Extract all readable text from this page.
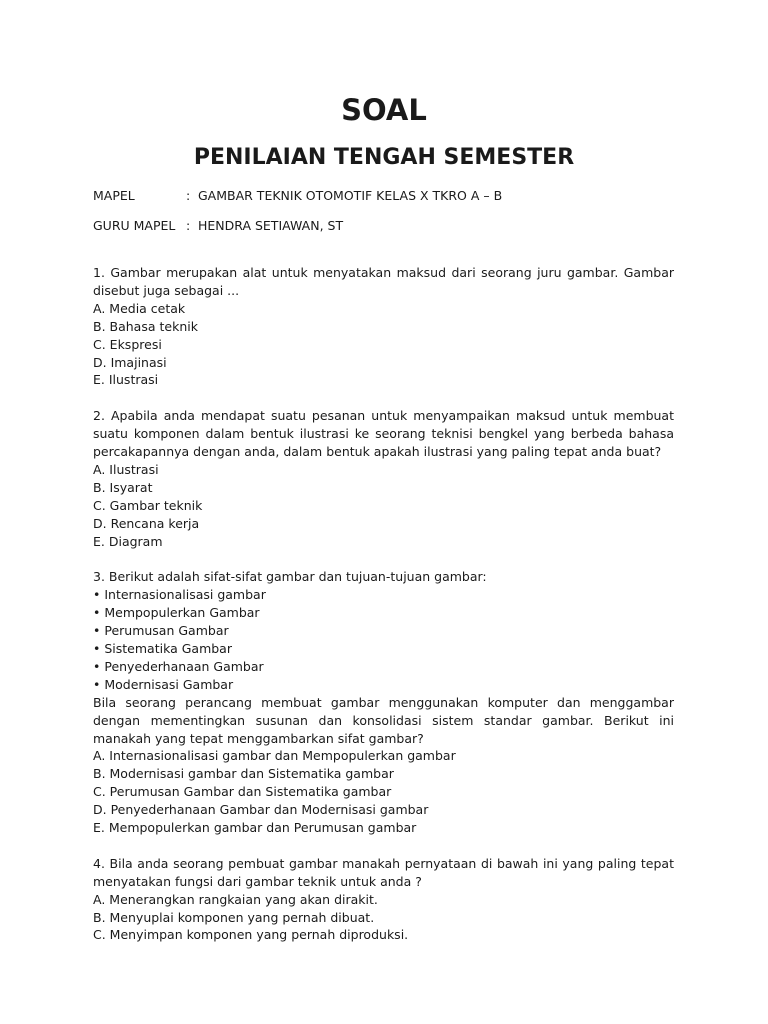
SOAL
PENILAIAN TENGAH SEMESTER
MAPEL	: GAMBAR TEKNIK OTOMOTIF KELAS X TKRO A – B
GURU MAPEL : HENDRA SETIAWAN, ST
1. Gambar merupakan alat untuk menyatakan maksud dari seorang juru gambar. Gambar disebut juga sebagai ...
A. Media cetak
B. Bahasa teknik
C. Ekspresi
D. Imajinasi
E. Ilustrasi
2. Apabila anda mendapat suatu pesanan untuk menyampaikan maksud untuk membuat suatu komponen dalam bentuk ilustrasi ke seorang teknisi bengkel yang berbeda bahasa percakapannya dengan anda, dalam bentuk apakah ilustrasi yang paling tepat anda buat?
A. Ilustrasi
B. Isyarat
C. Gambar teknik
D. Rencana kerja
E. Diagram
3. Berikut adalah sifat-sifat gambar dan tujuan-tujuan gambar:
• Internasionalisasi gambar
• Mempopulerkan Gambar
• Perumusan Gambar
• Sistematika Gambar
• Penyederhanaan Gambar
• Modernisasi Gambar
Bila seorang perancang membuat gambar menggunakan komputer dan menggambar dengan mementingkan susunan dan konsolidasi sistem standar gambar. Berikut ini manakah yang tepat menggambarkan sifat gambar?
A. Internasionalisasi gambar dan Mempopulerkan gambar
B. Modernisasi gambar dan Sistematika gambar
C. Perumusan Gambar dan Sistematika gambar
D. Penyederhanaan Gambar dan Modernisasi gambar
E. Mempopulerkan gambar dan Perumusan gambar
4. Bila anda seorang pembuat gambar manakah pernyataan di bawah ini yang paling tepat menyatakan fungsi dari gambar teknik untuk anda ?
A. Menerangkan rangkaian yang akan dirakit.
B. Menyuplai komponen yang pernah dibuat.
C. Menyimpan komponen yang pernah diproduksi.
